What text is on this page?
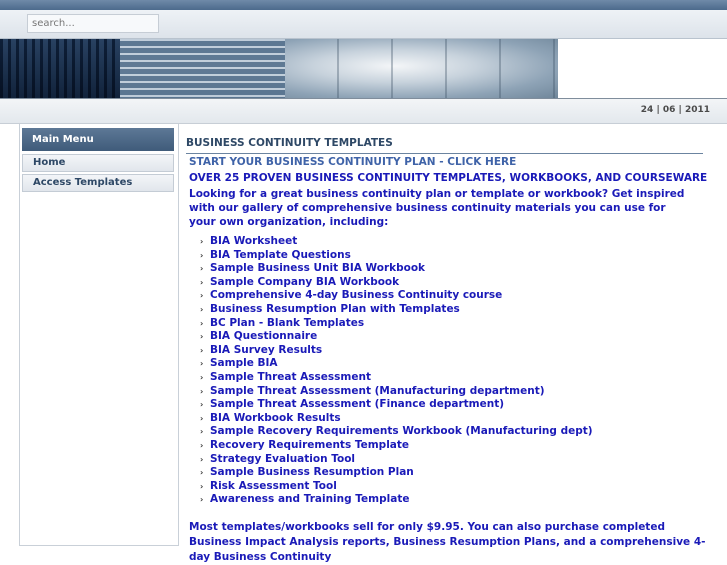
search...
24 | 06 | 2011
Main Menu
Home
Access Templates
BUSINESS CONTINUITY TEMPLATES
START YOUR BUSINESS CONTINUITY PLAN - CLICK HERE
OVER 25 PROVEN BUSINESS CONTINUITY TEMPLATES, WORKBOOKS, AND COURSEWARE
Looking for a great business continuity plan or template or workbook? Get inspired with our gallery of comprehensive business continuity materials you can use for your own organization, including:
› BIA Worksheet
› BIA Template Questions
› Sample Business Unit BIA Workbook
› Sample Company BIA Workbook
› Comprehensive 4-day Business Continuity course
› Business Resumption Plan with Templates
› BC Plan - Blank Templates
› BIA Questionnaire
› BIA Survey Results
› Sample BIA
› Sample Threat Assessment
› Sample Threat Assessment (Manufacturing department)
› Sample Threat Assessment (Finance department)
› BIA Workbook Results
› Sample Recovery Requirements Workbook (Manufacturing dept)
› Recovery Requirements Template
› Strategy Evaluation Tool
› Sample Business Resumption Plan
› Risk Assessment Tool
› Awareness and Training Template
Most templates/workbooks sell for only $9.95. You can also purchase completed Business Impact Analysis reports, Business Resumption Plans, and a comprehensive 4-day Business Continuity
